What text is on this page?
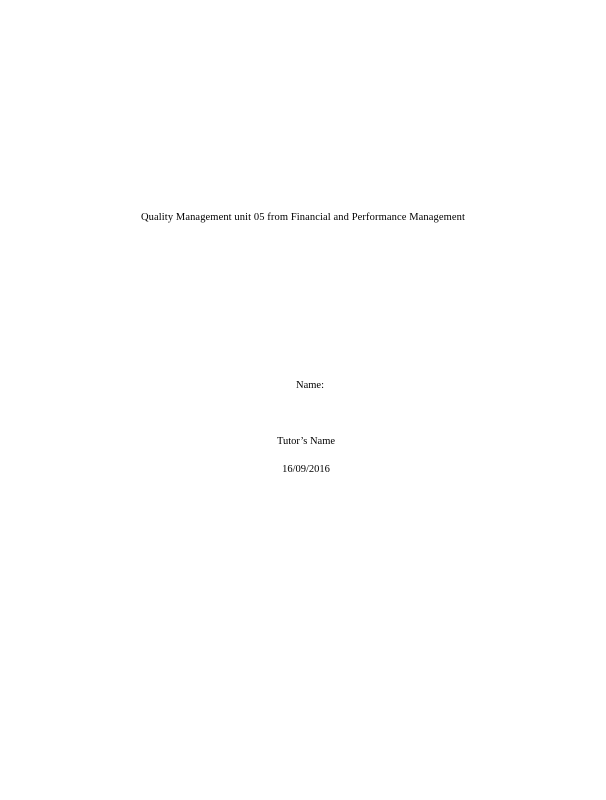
Quality Management unit 05 from Financial and Performance Management
Name:
Tutor’s Name
16/09/2016
